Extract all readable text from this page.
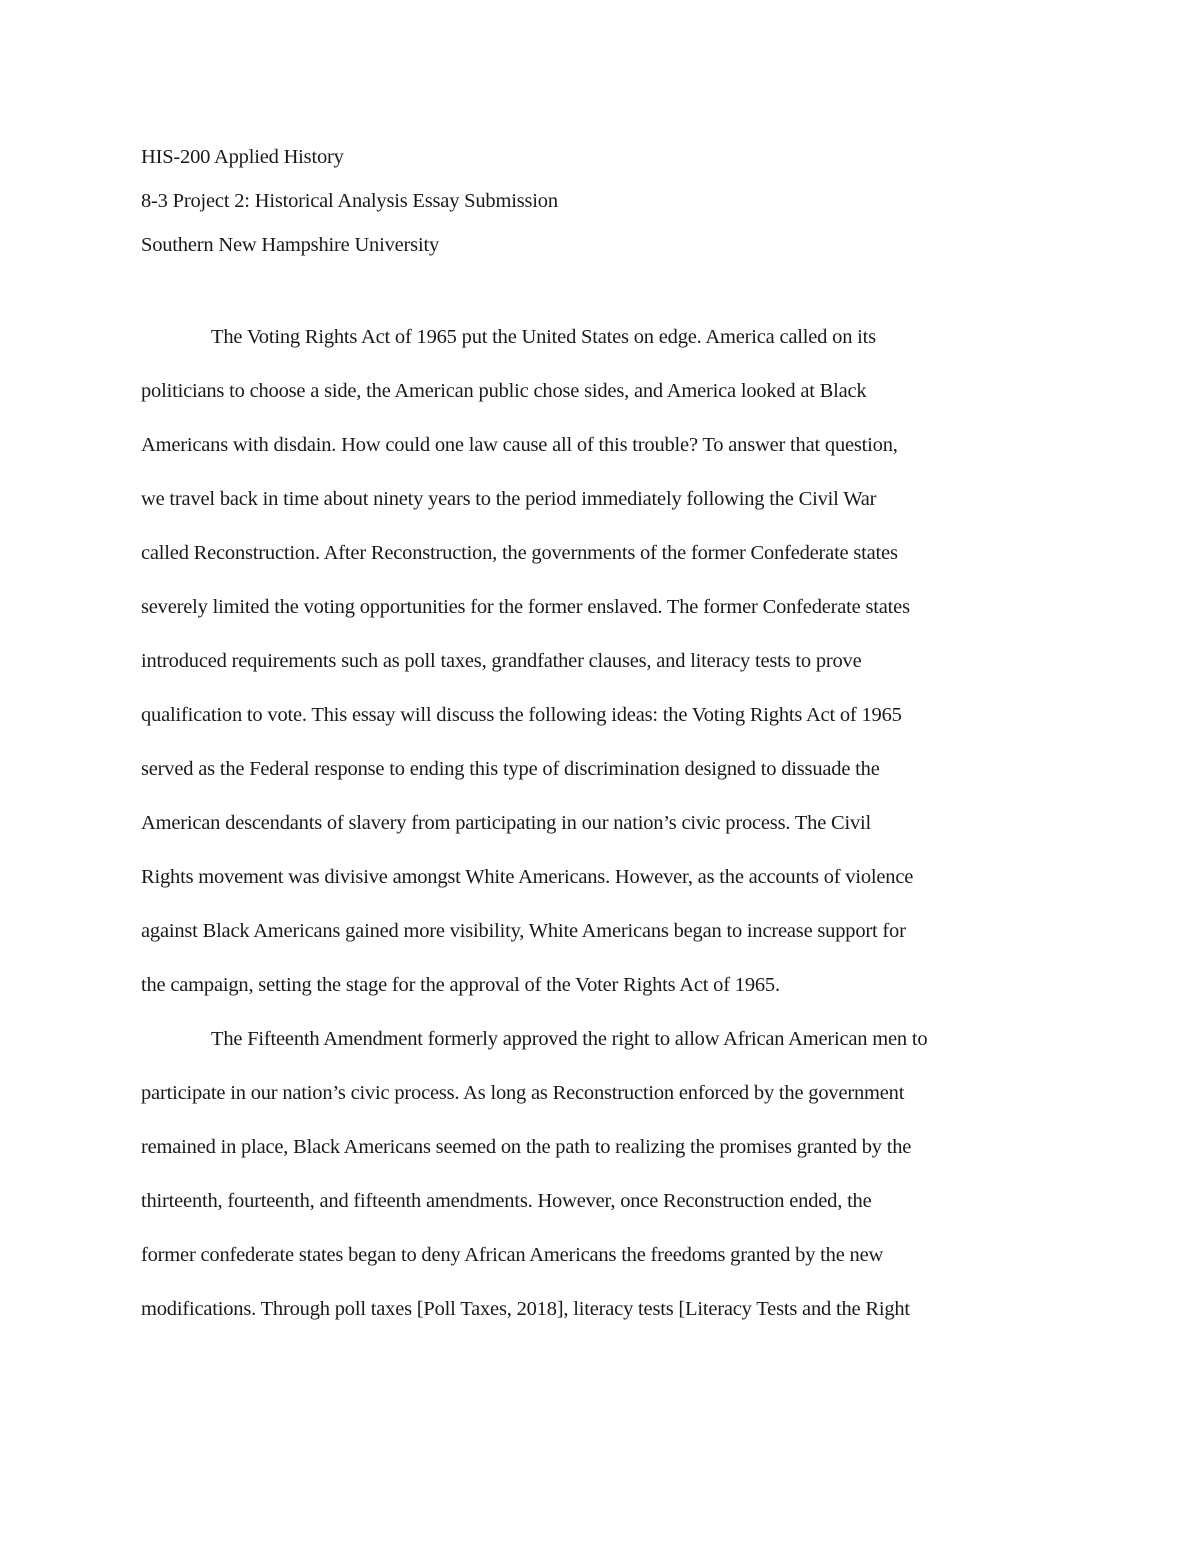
HIS-200 Applied History
8-3 Project 2: Historical Analysis Essay Submission
Southern New Hampshire University
The Voting Rights Act of 1965 put the United States on edge. America called on its
politicians to choose a side, the American public chose sides, and America looked at Black
Americans with disdain. How could one law cause all of this trouble? To answer that question,
we travel back in time about ninety years to the period immediately following the Civil War
called Reconstruction. After Reconstruction, the governments of the former Confederate states
severely limited the voting opportunities for the former enslaved. The former Confederate states
introduced requirements such as poll taxes, grandfather clauses, and literacy tests to prove
qualification to vote. This essay will discuss the following ideas: the Voting Rights Act of 1965
served as the Federal response to ending this type of discrimination designed to dissuade the
American descendants of slavery from participating in our nation’s civic process. The Civil
Rights movement was divisive amongst White Americans. However, as the accounts of violence
against Black Americans gained more visibility, White Americans began to increase support for
the campaign, setting the stage for the approval of the Voter Rights Act of 1965.
The Fifteenth Amendment formerly approved the right to allow African American men to
participate in our nation’s civic process. As long as Reconstruction enforced by the government
remained in place, Black Americans seemed on the path to realizing the promises granted by the
thirteenth, fourteenth, and fifteenth amendments. However, once Reconstruction ended, the
former confederate states began to deny African Americans the freedoms granted by the new
modifications. Through poll taxes [Poll Taxes, 2018], literacy tests [Literacy Tests and the Right
